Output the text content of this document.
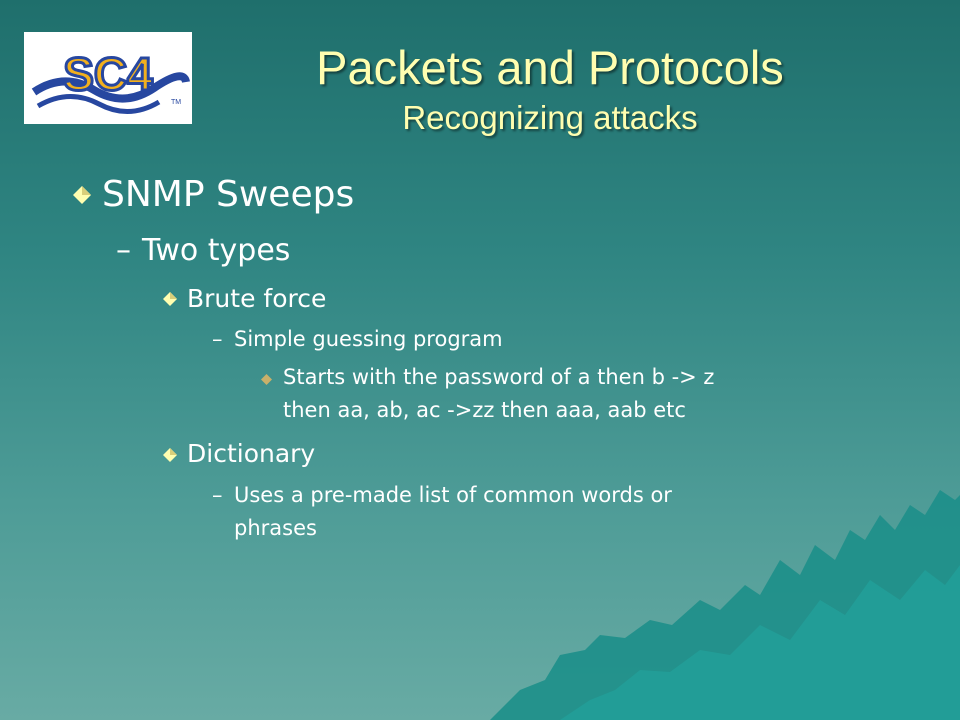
SC4
TM
Packets and Protocols
Recognizing attacks
SNMP Sweeps
– Two types
Brute force
– Simple guessing program
Starts with the password of a then b -> z
then aa, ab, ac ->zz then aaa, aab etc
Dictionary
– Uses a pre-made list of common words or
phrases
